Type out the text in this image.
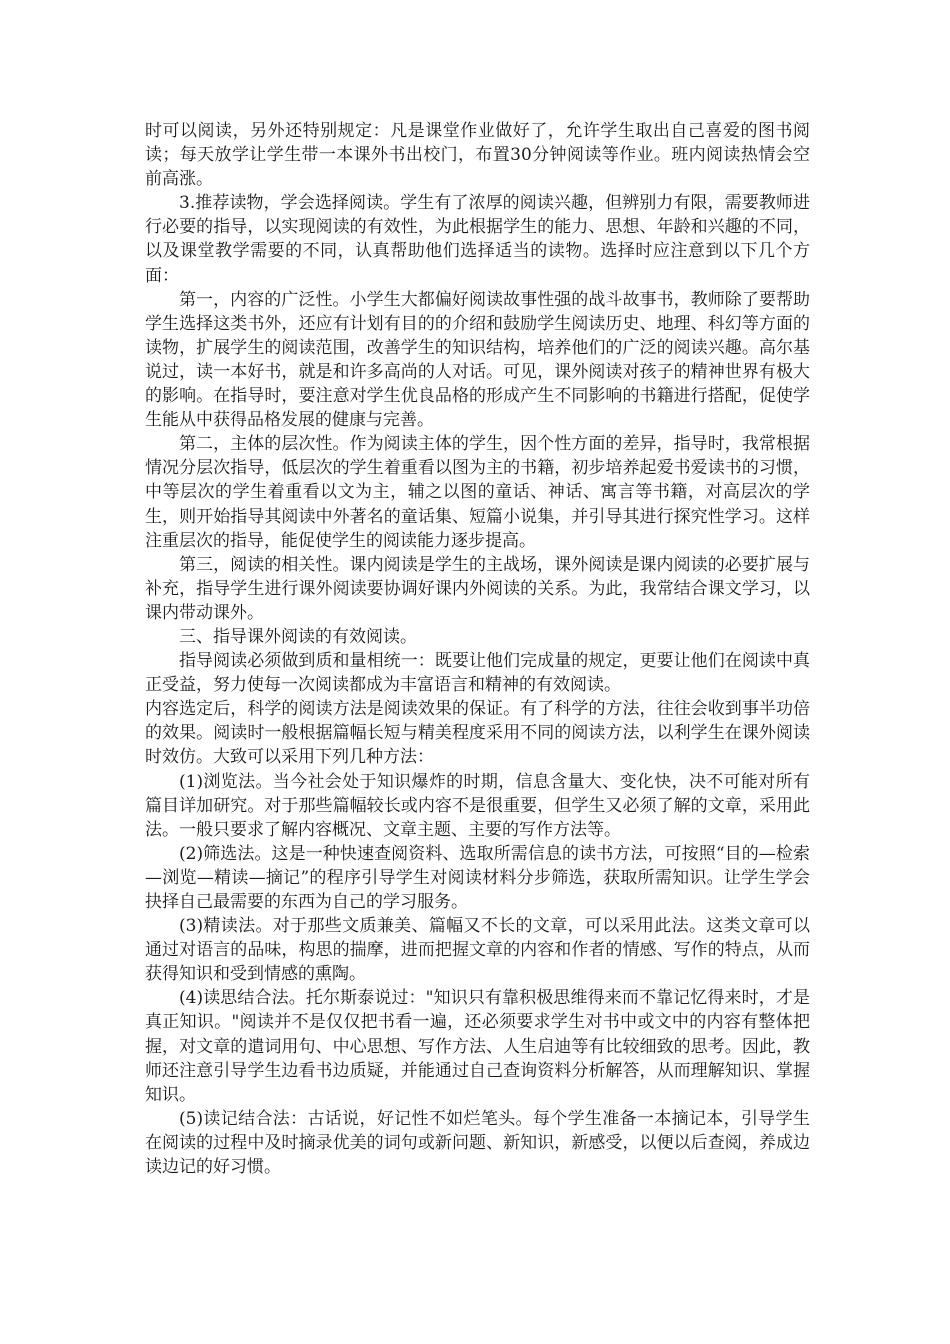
时可以阅读，另外还特别规定：凡是课堂作业做好了，允许学生取出自己喜爱的图书阅读；每天放学让学生带一本课外书出校门，布置30分钟阅读等作业。班内阅读热情会空前高涨。

3.推荐读物，学会选择阅读。学生有了浓厚的阅读兴趣，但辨别力有限，需要教师进行必要的指导，以实现阅读的有效性，为此根据学生的能力、思想、年龄和兴趣的不同，以及课堂教学需要的不同，认真帮助他们选择适当的读物。选择时应注意到以下几个方面：

第一，内容的广泛性。小学生大都偏好阅读故事性强的战斗故事书，教师除了要帮助学生选择这类书外，还应有计划有目的的介绍和鼓励学生阅读历史、地理、科幻等方面的读物，扩展学生的阅读范围，改善学生的知识结构，培养他们的广泛的阅读兴趣。高尔基说过，读一本好书，就是和许多高尚的人对话。可见，课外阅读对孩子的精神世界有极大的影响。在指导时，要注意对学生优良品格的形成产生不同影响的书籍进行搭配，促使学生能从中获得品格发展的健康与完善。

第二，主体的层次性。作为阅读主体的学生，因个性方面的差异，指导时，我常根据情况分层次指导，低层次的学生着重看以图为主的书籍，初步培养起爱书爱读书的习惯，中等层次的学生着重看以文为主，辅之以图的童话、神话、寓言等书籍，对高层次的学生，则开始指导其阅读中外著名的童话集、短篇小说集，并引导其进行探究性学习。这样注重层次的指导，能促使学生的阅读能力逐步提高。

第三，阅读的相关性。课内阅读是学生的主战场，课外阅读是课内阅读的必要扩展与补充，指导学生进行课外阅读要协调好课内外阅读的关系。为此，我常结合课文学习，以课内带动课外。

三、指导课外阅读的有效阅读。

指导阅读必须做到质和量相统一：既要让他们完成量的规定，更要让他们在阅读中真正受益，努力使每一次阅读都成为丰富语言和精神的有效阅读。

内容选定后，科学的阅读方法是阅读效果的保证。有了科学的方法，往往会收到事半功倍的效果。阅读时一般根据篇幅长短与精美程度采用不同的阅读方法，以利学生在课外阅读时效仿。大致可以采用下列几种方法：

(1)浏览法。当今社会处于知识爆炸的时期，信息含量大、变化快，决不可能对所有篇目详加研究。对于那些篇幅较长或内容不是很重要，但学生又必须了解的文章，采用此法。一般只要求了解内容概况、文章主题、主要的写作方法等。

(2)筛选法。这是一种快速查阅资料、选取所需信息的读书方法，可按照“目的—检索—浏览—精读—摘记”的程序引导学生对阅读材料分步筛选，获取所需知识。让学生学会抉择自己最需要的东西为自己的学习服务。

(3)精读法。对于那些文质兼美、篇幅又不长的文章，可以采用此法。这类文章可以通过对语言的品味，构思的揣摩，进而把握文章的内容和作者的情感、写作的特点，从而获得知识和受到情感的熏陶。

(4)读思结合法。托尔斯泰说过："知识只有靠积极思维得来而不靠记忆得来时，才是真正知识。"阅读并不是仅仅把书看一遍，还必须要求学生对书中或文中的内容有整体把握，对文章的遣词用句、中心思想、写作方法、人生启迪等有比较细致的思考。因此，教师还注意引导学生边看书边质疑，并能通过自己查询资料分析解答，从而理解知识、掌握知识。

(5)读记结合法：古话说，好记性不如烂笔头。每个学生准备一本摘记本，引导学生在阅读的过程中及时摘录优美的词句或新问题、新知识，新感受，以便以后查阅，养成边读边记的好习惯。
